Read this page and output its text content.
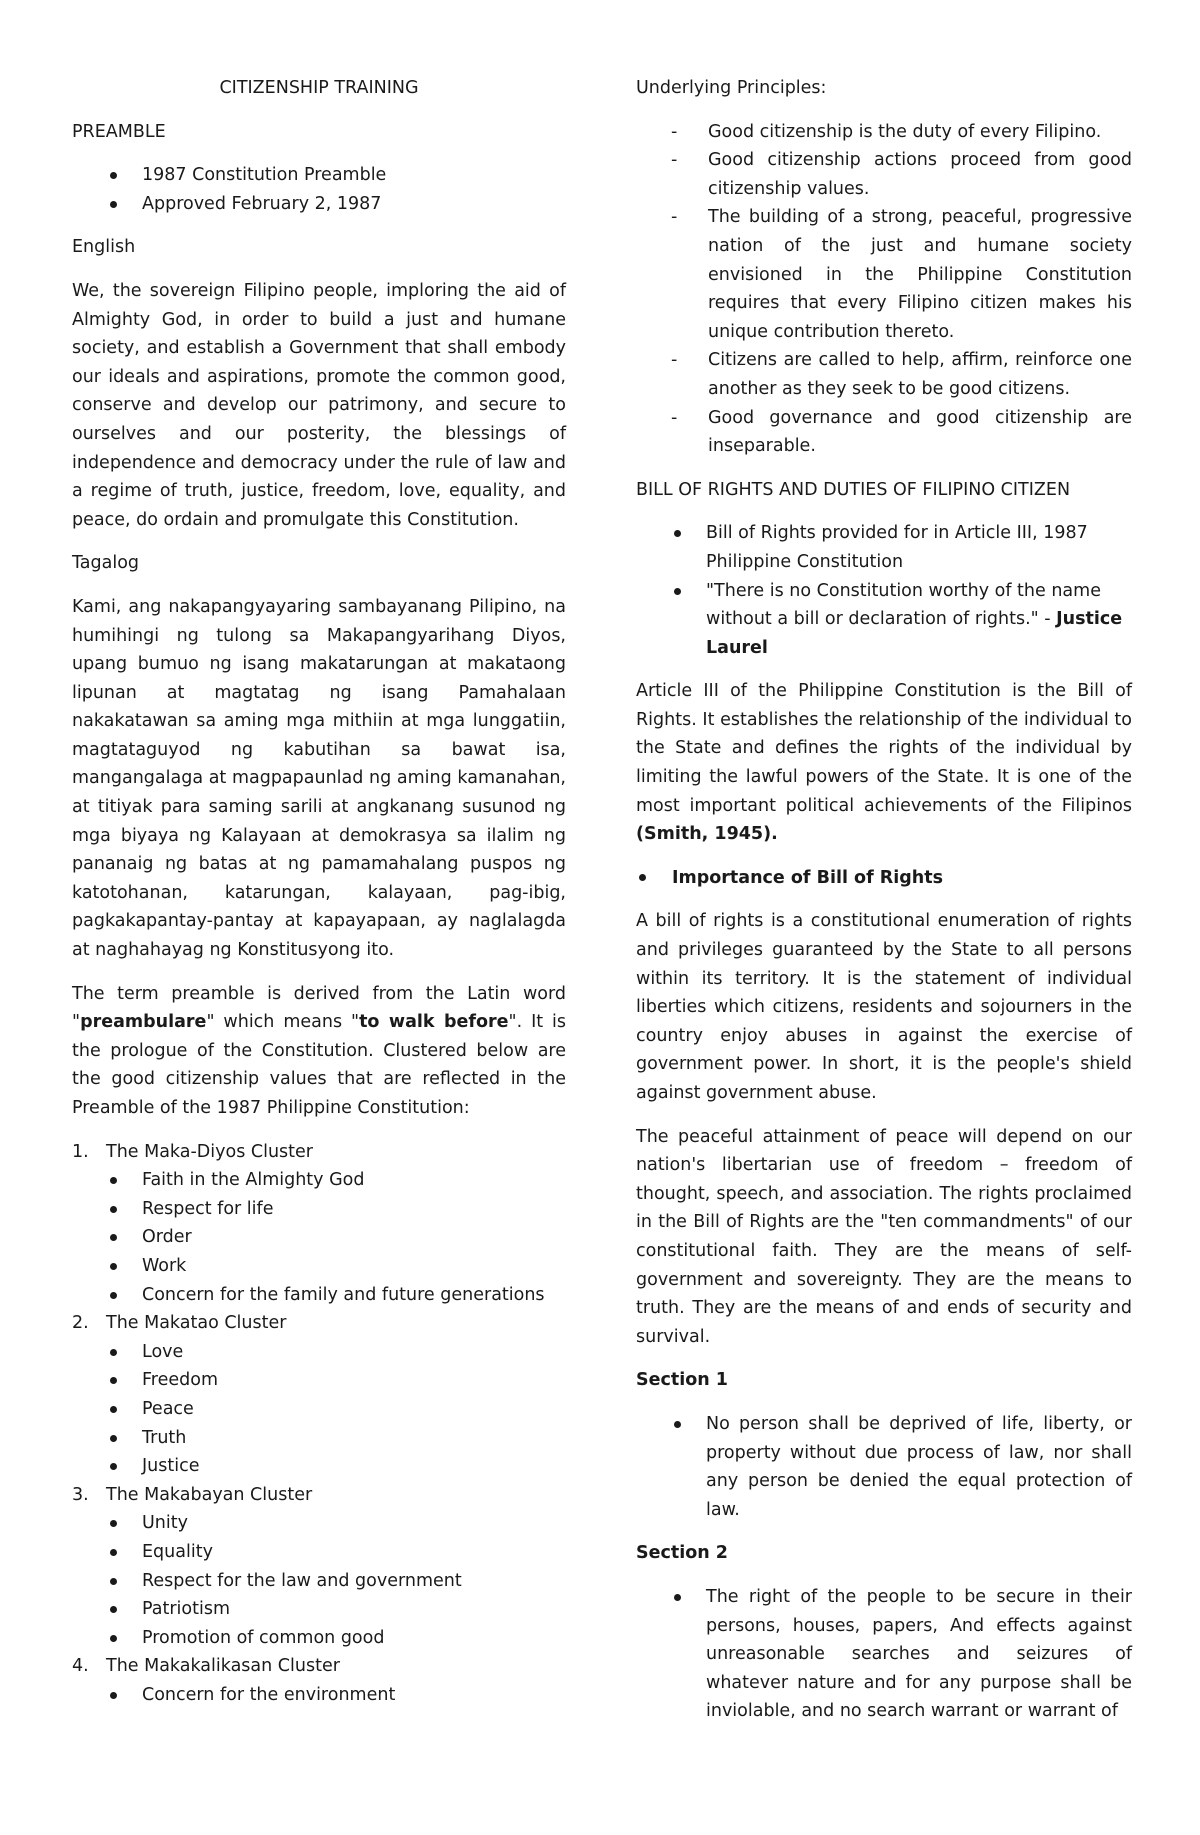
CITIZENSHIP TRAINING

PREAMBLE

1987 Constitution Preamble
Approved February 2, 1987

English

We, the sovereign Filipino people, imploring the aid of Almighty God, in order to build a just and humane society, and establish a Government that shall embody our ideals and aspirations, promote the common good, conserve and develop our patrimony, and secure to ourselves and our posterity, the blessings of independence and democracy under the rule of law and a regime of truth, justice, freedom, love, equality, and peace, do ordain and promulgate this Constitution.

Tagalog

Kami, ang nakapangyayaring sambayanang Pilipino, na humihingi ng tulong sa Makapangyarihang Diyos, upang bumuo ng isang makatarungan at makataong lipunan at magtatag ng isang Pamahalaan nakakatawan sa aming mga mithiin at mga lunggatiin, magtataguyod ng kabutihan sa bawat isa, mangangalaga at magpapaunlad ng aming kamanahan, at titiyak para saming sarili at angkanang susunod ng mga biyaya ng Kalayaan at demokrasya sa ilalim ng pananaig ng batas at ng pamamahalang puspos ng katotohanan, katarungan, kalayaan, pag-ibig, pagkakapantay-pantay at kapayapaan, ay naglalagda at naghahayag ng Konstitusyong ito.

The term preamble is derived from the Latin word "preambulare" which means "to walk before". It is the prologue of the Constitution. Clustered below are the good citizenship values that are reflected in the Preamble of the 1987 Philippine Constitution:

1. The Maka-Diyos Cluster
Faith in the Almighty God
Respect for life
Order
Work
Concern for the family and future generations
2. The Makatao Cluster
Love
Freedom
Peace
Truth
Justice
3. The Makabayan Cluster
Unity
Equality
Respect for the law and government
Patriotism
Promotion of common good
4. The Makakalikasan Cluster
Concern for the environment

Underlying Principles:

- Good citizenship is the duty of every Filipino.
- Good citizenship actions proceed from good citizenship values.
- The building of a strong, peaceful, progressive nation of the just and humane society envisioned in the Philippine Constitution requires that every Filipino citizen makes his unique contribution thereto.
- Citizens are called to help, affirm, reinforce one another as they seek to be good citizens.
- Good governance and good citizenship are inseparable.

BILL OF RIGHTS AND DUTIES OF FILIPINO CITIZEN

Bill of Rights provided for in Article III, 1987 Philippine Constitution
"There is no Constitution worthy of the name without a bill or declaration of rights." - Justice Laurel

Article III of the Philippine Constitution is the Bill of Rights. It establishes the relationship of the individual to the State and defines the rights of the individual by limiting the lawful powers of the State. It is one of the most important political achievements of the Filipinos (Smith, 1945).

Importance of Bill of Rights

A bill of rights is a constitutional enumeration of rights and privileges guaranteed by the State to all persons within its territory. It is the statement of individual liberties which citizens, residents and sojourners in the country enjoy abuses in against the exercise of government power. In short, it is the people's shield against government abuse.

The peaceful attainment of peace will depend on our nation's libertarian use of freedom – freedom of thought, speech, and association. The rights proclaimed in the Bill of Rights are the "ten commandments" of our constitutional faith. They are the means of self-government and sovereignty. They are the means to truth. They are the means of and ends of security and survival.

Section 1

No person shall be deprived of life, liberty, or property without due process of law, nor shall any person be denied the equal protection of law.

Section 2

The right of the people to be secure in their persons, houses, papers, And effects against unreasonable searches and seizures of whatever nature and for any purpose shall be inviolable, and no search warrant or warrant of
